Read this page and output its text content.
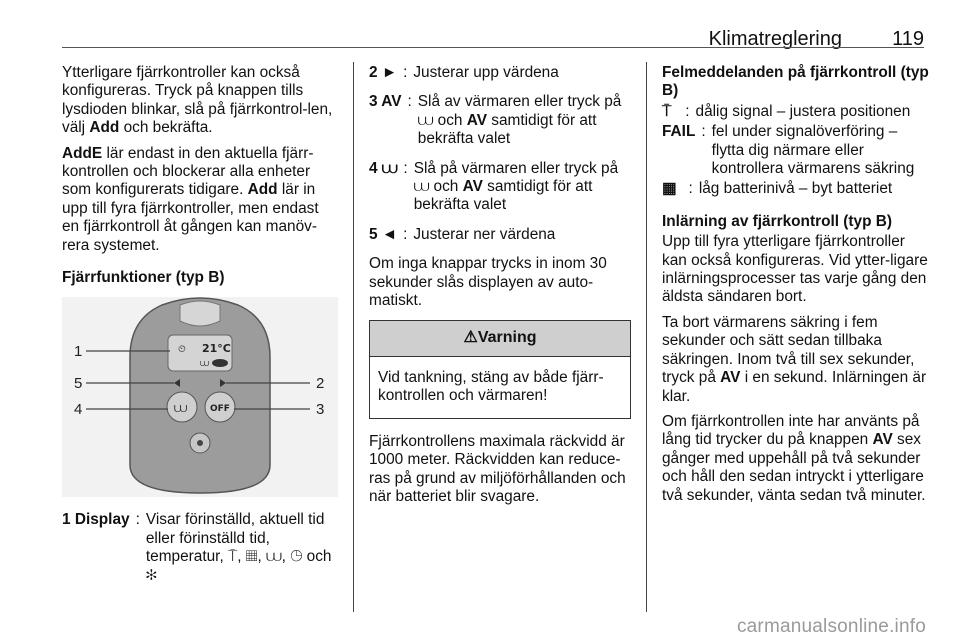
Klimatreglering	119

Ytterligare fjärrkontroller kan också konfigureras. Tryck på knappen tills lysdioden blinkar, slå på fjärrkontrol-len, välj Add och bekräfta.

AddE lär endast in den aktuella fjärr-kontrollen och blockerar alla enheter som konfigurerats tidigare. Add lär in upp till fyra fjärrkontroller, men endast en fjärrkontroll åt gången kan manöv-rera systemet.

Fjärrfunktioner (typ B)
⏲ 21°C
⩊
⩊	OFF
1
5
4
2
3
1 Display : Visar förinställd, aktuell tid eller förinställd tid, temperatur, ⍑, ▦, ⩊, ◷ och ✻
2 ► : Justerar upp värdena
3 AV : Slå av värmaren eller tryck på ⩊ och AV samtidigt för att bekräfta valet
4 ⩊ : Slå på värmaren eller tryck på ⩊ och AV samtidigt för att bekräfta valet
5 ◄ : Justerar ner värdena

Om inga knappar trycks in inom 30 sekunder slås displayen av auto-matiskt.

⚠Varning
Vid tankning, stäng av både fjärr-kontrollen och värmaren!

Fjärrkontrollens maximala räckvidd är 1000 meter. Räckvidden kan reduce-ras på grund av miljöförhållanden och när batteriet blir svagare.

Felmeddelanden på fjärrkontroll (typ B)
⍑ : dålig signal – justera positionen
FAIL : fel under signalöverföring – flytta dig närmare eller kontrollera värmarens säkring
▦ : låg batterinivå – byt batteriet
Inlärning av fjärrkontroll (typ B)

Upp till fyra ytterligare fjärrkontroller kan också konfigureras. Vid ytter-ligare inlärningsprocesser tas varje gång den äldsta sändaren bort.

Ta bort värmarens säkring i fem sekunder och sätt sedan tillbaka säkringen. Inom två till sex sekunder, tryck på AV i en sekund. Inlärningen är klar.

Om fjärrkontrollen inte har använts på lång tid trycker du på knappen AV sex gånger med uppehåll på två sekunder och håll den sedan intryckt i ytterligare två sekunder, vänta sedan två minuter.

carmanualsonline.info
